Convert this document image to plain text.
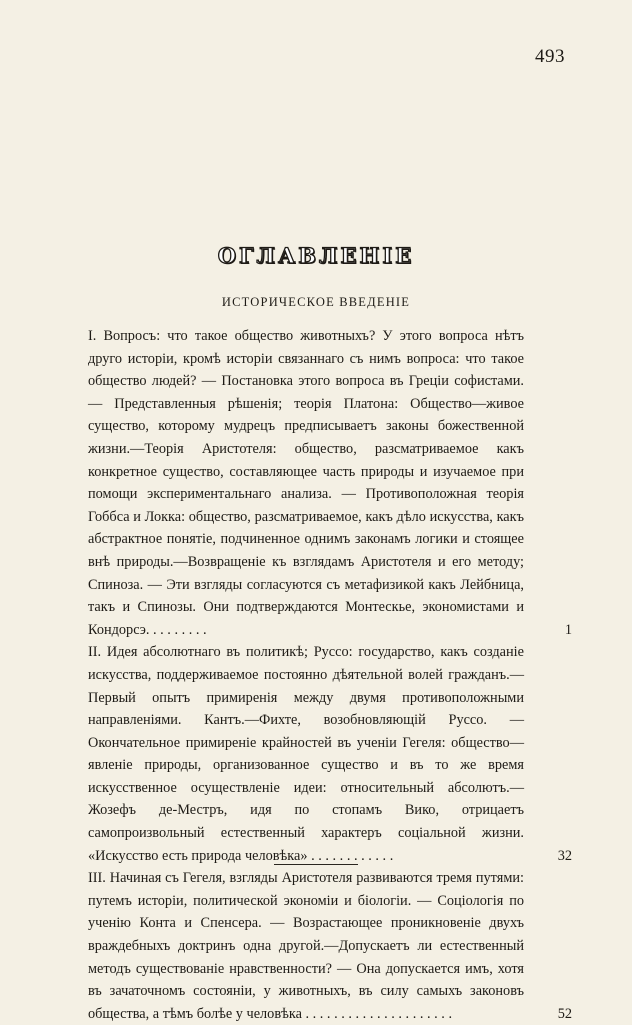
493
ОГЛАВЛЕНІЕ
ИСТОРИЧЕСКОЕ ВВЕДЕНІЕ
I. Вопросъ: что такое общество животныхъ? У этого вопроса нѣтъ друго исторіи, кромѣ исторіи связаннаго съ нимъ вопроса: что такое общество людей? — Постановка этого вопроса въ Греціи софистами.— Представленныя рѣшенія; теорія Платона: Общество—живое существо, которому мудрецъ предписываетъ законы божественной жизни.—Теорія Аристотеля: общество, разсматриваемое какъ конкретное существо, составляющее часть природы и изучаемое при помощи экспериментальнаго анализа. — Противоположная теорія Гоббса и Локка: общество, разсматриваемое, какъ дѣло искусства, какъ абстрактное понятіе, подчиненное однимъ законамъ логики и стоящее внѣ природы.—Возвращеніе къ взглядамъ Аристотеля и его методу; Спиноза. — Эти взгляды согласуются съ метафизикой какъ Лейбница, такъ и Спинозы. Они подтверждаются Монтескье, экономистами и Кондорсэ. . . . . . . . .	1
II. Идея абсолютнаго въ политикѣ; Руссо: государство, какъ созданіе искусства, поддерживаемое постоянно дѣятельной волей гражданъ.— Первый опытъ примиренія между двумя противоположными направленіями. Кантъ.—Фихте, возобновляющій Руссо. — Окончательное примиреніе крайностей въ ученіи Гегеля: общество—явленіе природы, организованное существо и въ то же время искусственное осуществленіе идеи: относительный абсолютъ.—Жозефъ де-Местръ, идя по стопамъ Вико, отрицаетъ самопроизвольный естественный характеръ соціальной жизни. «Искусство есть природа человѣка» . . . . . . . . . . . .	32
III. Начиная съ Гегеля, взгляды Аристотеля развиваются тремя путями: путемъ исторіи, политической экономіи и біологіи. — Соціологія по ученію Конта и Спенсера. — Возрастающее проникновеніе двухъ враждебныхъ доктринъ одна другой.—Допускаетъ ли естественный методъ существованіе нравственности? — Она допускается имъ, хотя въ зачаточномъ состояніи, у животныхъ, въ силу самыхъ законовъ общества, а тѣмъ болѣе у человѣка . . . . . . . . . . . . . . . . . . . . .	52
